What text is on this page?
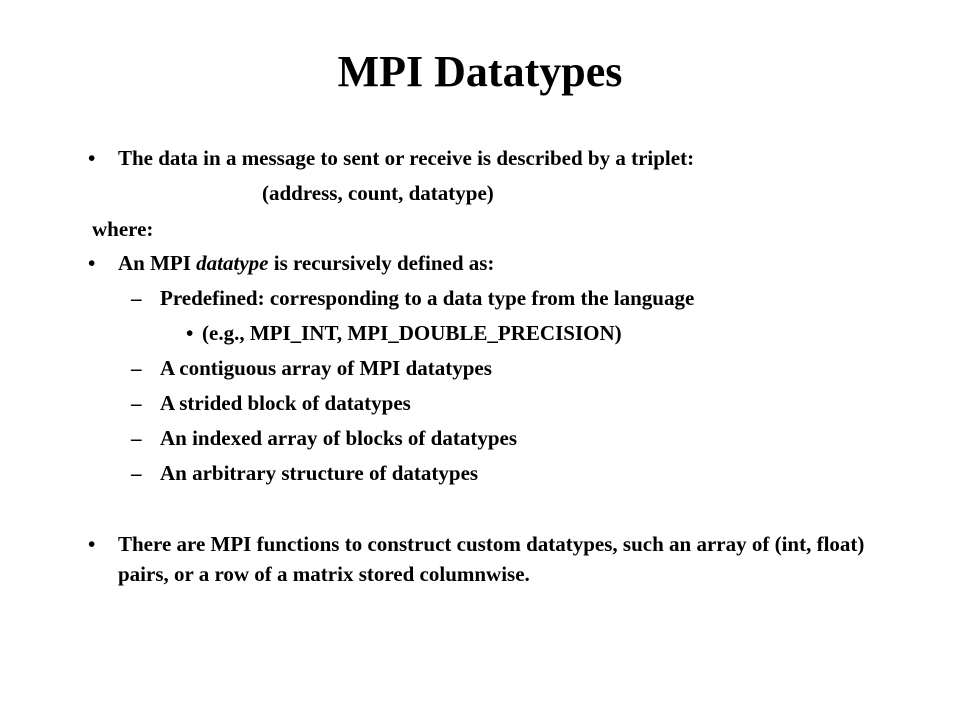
MPI Datatypes
• The data in a message to sent or receive is described by a triplet:
(address, count, datatype)
where:
• An MPI datatype is recursively defined as:
– Predefined: corresponding to a data type from the language
• (e.g., MPI_INT, MPI_DOUBLE_PRECISION)
– A contiguous array of MPI datatypes
– A strided block of datatypes
– An indexed array of blocks of datatypes
– An arbitrary structure of datatypes
• There are MPI functions to construct custom datatypes, such an array of (int, float) pairs, or a row of a matrix stored columnwise.
